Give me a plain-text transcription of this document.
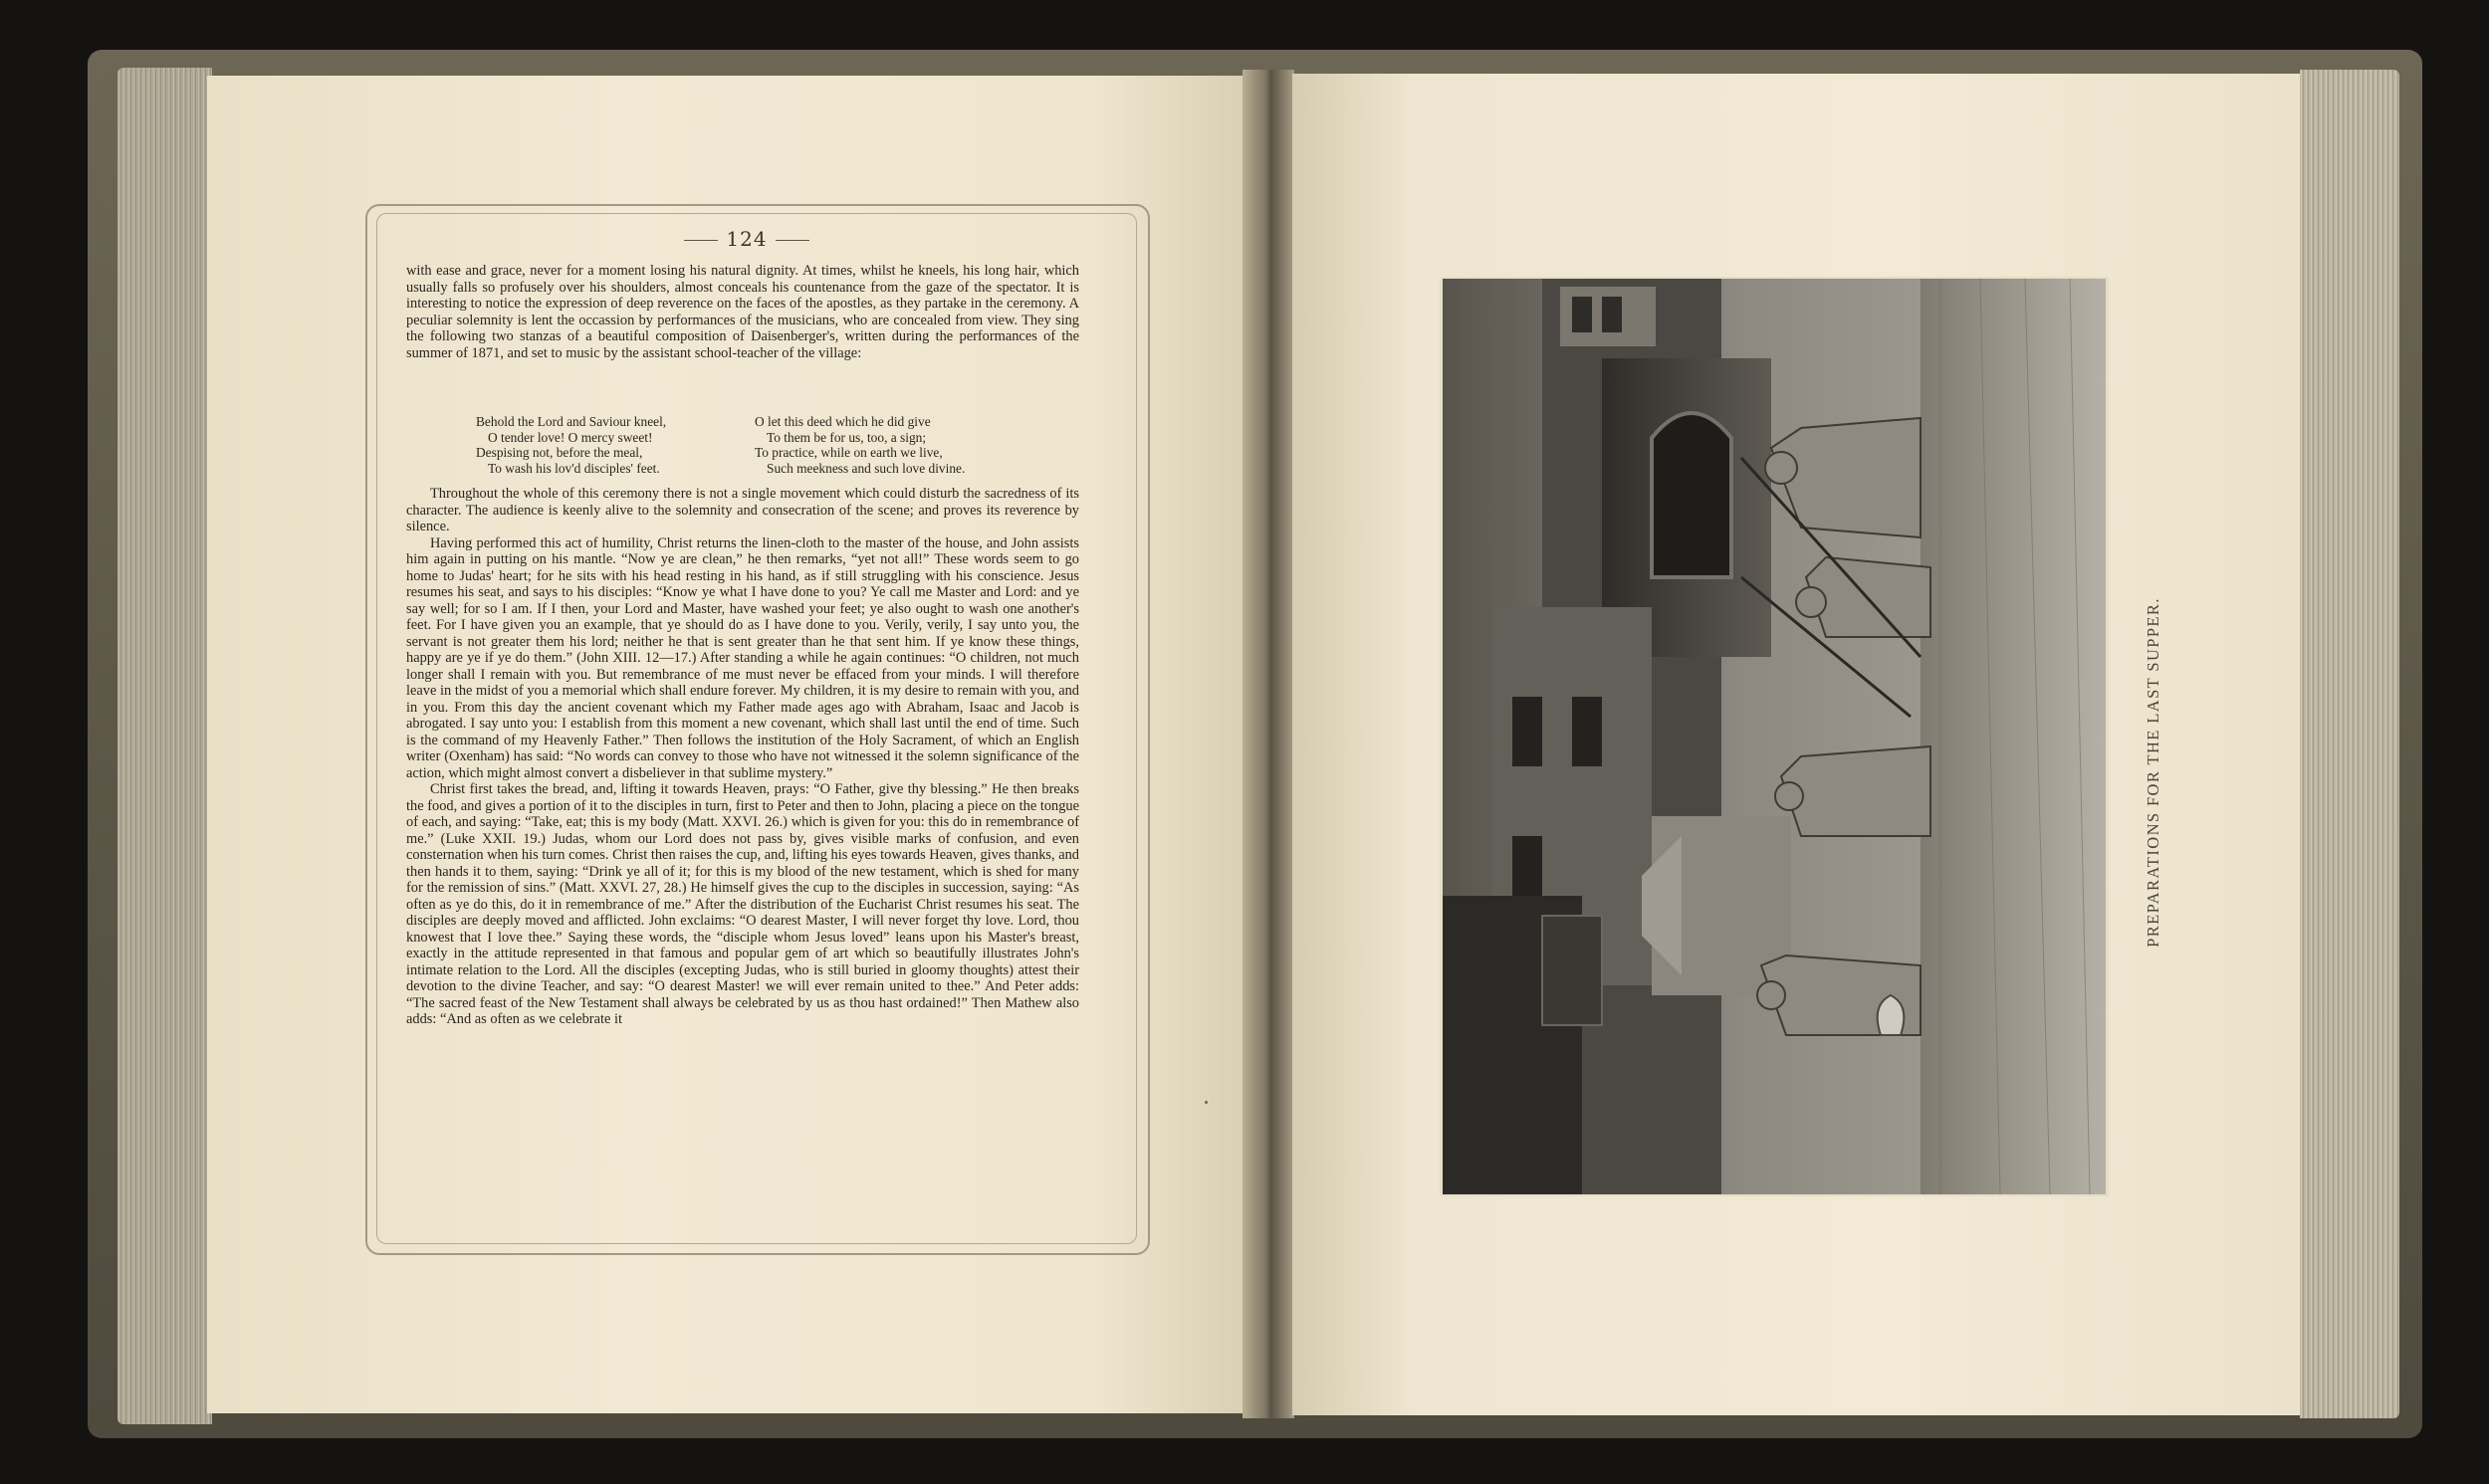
124

with ease and grace, never for a moment losing his natural dignity. At times, whilst he kneels, his long hair, which usually falls so profusely over his shoulders, almost conceals his countenance from the gaze of the spectator. It is interesting to notice the expression of deep reverence on the faces of the apostles, as they partake in the ceremony. A peculiar solemnity is lent the occassion by performances of the musicians, who are concealed from view. They sing the following two stanzas of a beautiful composition of Daisenberger's, written during the performances of the summer of 1871, and set to music by the assistant school-teacher of the village:

Behold the Lord and Saviour kneel,
O tender love! O mercy sweet!
Despising not, before the meal,
To wash his lov'd disciples' feet.
O let this deed which he did give
To them be for us, too, a sign;
To practice, while on earth we live,
Such meekness and such love divine.

Throughout the whole of this ceremony there is not a single movement which could disturb the sacredness of its character. The audience is keenly alive to the solemnity and consecration of the scene; and proves its reverence by silence.

Having performed this act of humility, Christ returns the linen-cloth to the master of the house, and John assists him again in putting on his mantle. “Now ye are clean,” he then remarks, “yet not all!” These words seem to go home to Judas' heart; for he sits with his head resting in his hand, as if still struggling with his conscience. Jesus resumes his seat, and says to his disciples: “Know ye what I have done to you? Ye call me Master and Lord: and ye say well; for so I am. If I then, your Lord and Master, have washed your feet; ye also ought to wash one another's feet. For I have given you an example, that ye should do as I have done to you. Verily, verily, I say unto you, the servant is not greater them his lord; neither he that is sent greater than he that sent him. If ye know these things, happy are ye if ye do them.” (John XIII. 12—17.) After standing a while he again continues: “O children, not much longer shall I remain with you. But remembrance of me must never be effaced from your minds. I will therefore leave in the midst of you a memorial which shall endure forever. My children, it is my desire to remain with you, and in you. From this day the ancient covenant which my Father made ages ago with Abraham, Isaac and Jacob is abrogated. I say unto you: I establish from this moment a new covenant, which shall last until the end of time. Such is the command of my Heavenly Father.” Then follows the institution of the Holy Sacrament, of which an English writer (Oxenham) has said: “No words can convey to those who have not witnessed it the solemn significance of the action, which might almost convert a disbeliever in that sublime mystery.”

Christ first takes the bread, and, lifting it towards Heaven, prays: “O Father, give thy blessing.” He then breaks the food, and gives a portion of it to the disciples in turn, first to Peter and then to John, placing a piece on the tongue of each, and saying: “Take, eat; this is my body (Matt. XXVI. 26.) which is given for you: this do in remembrance of me.” (Luke XXII. 19.) Judas, whom our Lord does not pass by, gives visible marks of confusion, and even consternation when his turn comes. Christ then raises the cup, and, lifting his eyes towards Heaven, gives thanks, and then hands it to them, saying: “Drink ye all of it; for this is my blood of the new testament, which is shed for many for the remission of sins.” (Matt. XXVI. 27, 28.) He himself gives the cup to the disciples in succession, saying: “As often as ye do this, do it in remembrance of me.” After the distribution of the Eucharist Christ resumes his seat. The disciples are deeply moved and afflicted. John exclaims: “O dearest Master, I will never forget thy love. Lord, thou knowest that I love thee.” Saying these words, the “disciple whom Jesus loved” leans upon his Master's breast, exactly in the attitude represented in that famous and popular gem of art which so beautifully illustrates John's intimate relation to the Lord. All the disciples (excepting Judas, who is still buried in gloomy thoughts) attest their devotion to the divine Teacher, and say: “O dearest Master! we will ever remain united to thee.” And Peter adds: “The sacred feast of the New Testament shall always be celebrated by us as thou hast ordained!” Then Mathew also adds: “And as often as we celebrate it

PREPARATIONS FOR THE LAST SUPPER.
